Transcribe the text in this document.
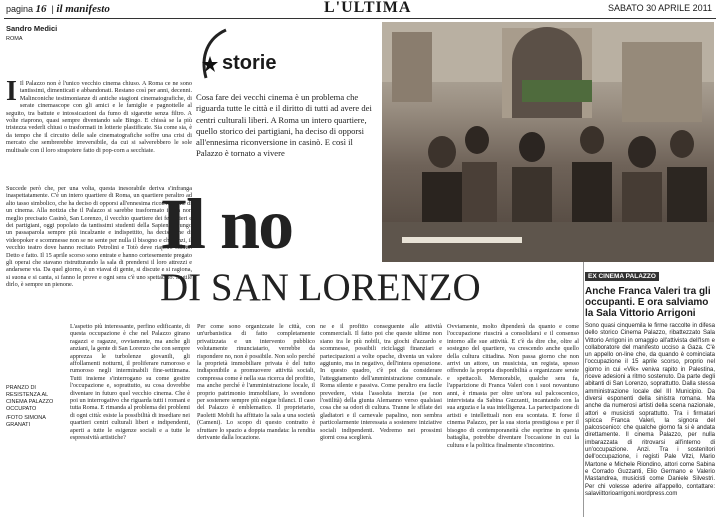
pagina 16  | il manifesto	L'ULTIMA	SABATO 30 APRILE 2011
Sandro Medici
ROMA
I Il Palazzo non è l'unico vecchio cinema chiuso. A Roma ce ne sono tantissimi, dimenticati e abbandonati. Restano così per anni, decenni. Malinconiche testimonianze di antiche stagioni cinematografiche, di serate cinemascope con gli amici e le famiglie e pagnottelle al seguito, tra battute e intossicazioni da fumo di sigarette senza filtro. A volte riaprono, quasi sempre diventando sale Bingo. E chissà se la più tristezza vederli chiusi o trasformati in lotterie plastificate. Sia come sia, è da tempo che il circuito delle sale cinematografiche soffre una crisi di mercato che sembrerebbe irreversibile, da cui si salverebbero le sole multisale con il loro strapotere fatto di pop-corn a secchiate.
storie
Cosa fare dei vecchi cinema è un problema che riguarda tutte le città e il diritto di tutti ad avere dei centri culturali liberi. A Roma un intero quartiere, quello storico dei partigiani, ha deciso di opporsi all'ennesima riconversione in casinò. E così il Palazzo è tornato a vivere
Succede però che, per una volta, questa inesorabile deriva s'infranga inaspettatamente. C'è un intero quartiere di Roma, un quartiere peraltro ad alto tasso simbolico, che ha deciso di opporsi all'ennesima riconversione di un cinema. Alla notizia che il Palazzo si sarebbe trasformato in un non meglio precisato Casinò, San Lorenzo, il vecchio quartiere dei ferrovieri e dei partigiani, oggi popolato da tantissimi studenti della Sapienza, lungo un passaparola sempre più incalzante e indispettito, ha deciso che di videopoker e scommesse non se ne sente per nulla il bisogno e che, anzi, il vecchio teatro dove hanno recitato Petrolini e Totò deve riaprire subito. Detto e fatto. Il 15 aprile scorso sono entrate e hanno cortesemente pregato gli operai che stavano ristrutturando la sala di prendersi il loro attrezzi e andarsene via. Da quel giorno, è un viavai di gente, si discute e si ragiona, si suona e si canta, si fanno le prove e ogni sera c'è uno spettacolo. Inutile dirlo, è sempre un pienone.
PRANZO DI RESISTENZA AL CINEMA PALAZZO OCCUPATO
/FOTO SIMONA GRANATI
Il no
DI SAN LORENZO
L'aspetto più interessante, perfino edificante, di questa occupazione è che nel Palazzo girano ragazzi e ragazze, ovviamente, ma anche gli anziani, la gente di San Lorenzo che con sempre apprezza le turbolenze giovanili, gli affollamenti notturni, il proliferare rumoroso e rumoroso negli interminabili fine-settimana. Tutti insieme s'interrogano su come gestire l'occupazione e, soprattutto, su cosa dovrebbe diventare in futuro quel vecchio cinema. Che è poi un interrogativo che riguarda tutti i romani e tutta Roma. E rimanda al problema dei problemi di ogni città: esiste la possibilità di insediare nei quartieri centri culturali liberi e indipendenti, aperti a tutte le esigenze sociali e a tutte le espressività artistiche?
Per come sono organizzate le città, con un'urbanistica di fatto completamente privatizzata e un intervento pubblico volutamente rinunciatario, verrebbe da rispondere no, non è possibile. Non solo perché la proprietà immobiliare privata è del tutto indisponibile a promuovere attività sociali, compressa come è nella sua ricerca del profitto, ma anche perché è l'amministrazione locale, il proprio patrimonio immobiliare, lo svendono per sostenere sempre più esigue bilanci. Il caso del Palazzo è emblematico. Il proprietario, Paoletti Mobili ha affittato la sala a una società (Cameni). Lo scopo di questo contratto è sfruttare lo spazio a doppia mandata: la rendita derivante dalla locazione.
ne e il profitto conseguente alle attività commerciali. Il fatto poi che queste ultime non siano tra le più nobili, tra giochi d'azzardo e scommesse, possibili riciclaggi finanziari e partecipazioni a volte opache, diventa un valore aggiunto, ma in negativo, dell'intera operazione. In questo quadro, c'è poi da considerare l'atteggiamento dell'amministrazione comunale. Roma silente e passiva. Come peraltro era facile prevedere, vista l'assoluta inerzia (se non l'ostilità) della giunta Alemanno verso qualsiasi cosa che sa odori di cultura. Tranne le sfilate dei gladiatori e il carnevale papalino, non sembra particolarmente interessata a sostenere iniziative sociali indipendenti. Vedremo nei prossimi giorni cosa sceglierà.
Ovviamente, molto dipenderà da quanto e come l'occupazione riuscirà a consolidarsi e il consenso intorno alle sue attività. E c'è da dire che, oltre al sostegno del quartiere, va crescendo anche quello della cultura cittadina. Non passa giorno che non arrivi un attore, un musicista, un regista, spesso offrendo la propria disponibilità a organizzare serate e spettacoli. Memorabile, qualche sera fa, l'apparizione di Franca Valeri con i suoi novantuno anni, è rimasta per oltre un'ora sul palcoscenico, intervistata da Sabina Guzzanti, incantando con la sua arguzia e la sua intelligenza. La partecipazione di artisti e intellettuali non era scontata. E forse il cinema Palazzo, per la sua storia prestigiosa e per il bisogno di contemporaneità che esprime in questa battaglia, potrebbe diventare l'occasione in cui la cultura e la politica finalmente s'incontrino.
EX CINEMA PALAZZO
Anche Franca Valeri tra gli occupanti. E ora salviamo la Sala Vittorio Arrigoni
Sono quasi cinquemila le firme raccolte in difesa dello storico Cinema Palazzo, ribattezzato Sala Vittorio Arrigoni in omaggio all'attivista dell'Ism e collaboratore del manifesto ucciso a Gaza. C'è un appello on-line che, da quando è cominciata l'occupazione il 15 aprile scorso, proprio nel giorno in cui «Vik» veniva rapito in Palestina, riceve adesioni a ritmo sostenuto. Da parte degli abitanti di San Lorenzo, soprattutto. Dalla stessa amministrazione locale del III Municipio. Da diversi esponenti della sinistra romana. Ma anche da numerosi artisti della scena nazionale, attori e musicisti soprattutto. Tra i firmatari spicca Franca Valeri, la signora del palcoscenico: che qualche giorno fa si è andata direttamente. Il cinema Palazzo, per nulla imbarazzata di ritrovarsi all'interno di un'occupazione. Anzi. Tra i sostenitori dell'occupazione, i registi Pale Vitzi, Mario Martone e Michele Riondino, attori come Sabina e Corrado Guzzanti, Elio Germano e Valerio Mastandrea, musicisti come Daniele Silvestri. Per chi volesse aderire all'appello, contattare: salaviittorioarrigoni.wordpress.com
